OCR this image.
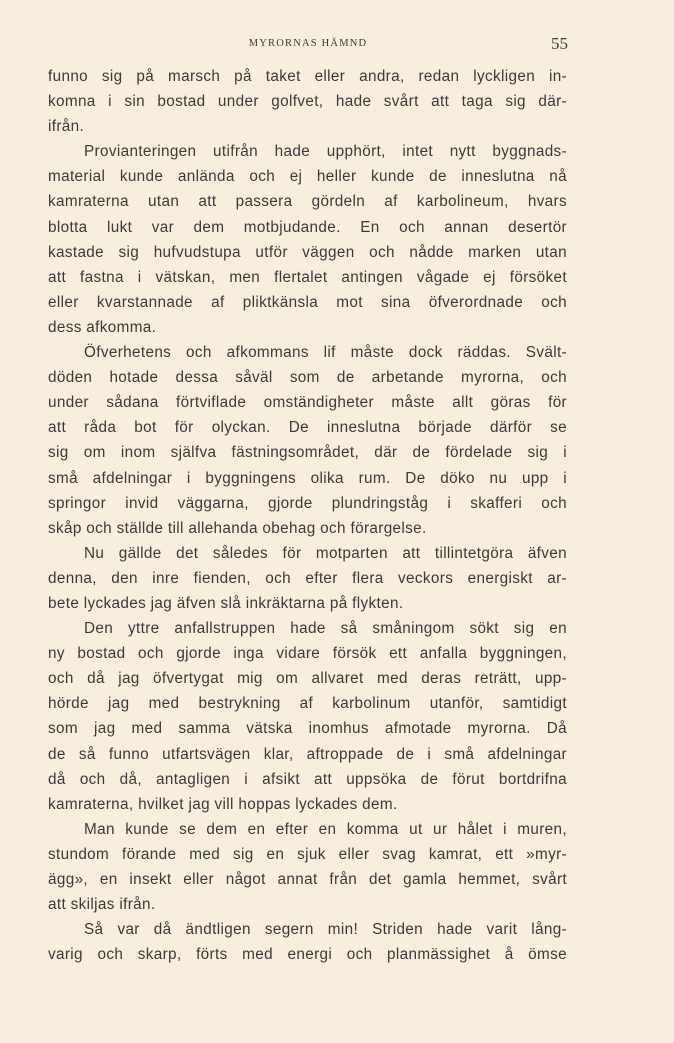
MYRORNAS HÄMND	55
funno sig på marsch på taket eller andra, redan lyckligen in-
komna i sin bostad under golfvet, hade svårt att taga sig där-
ifrån.
Provianteringen utifrån hade upphört, intet nytt byggnads-
material kunde anlända och ej heller kunde de inneslutna nå
kamraterna utan att passera gördeln af karbolineum, hvars
blotta lukt var dem motbjudande. En och annan desertör
kastade sig hufvudstupa utför väggen och nådde marken utan
att fastna i vätskan, men flertalet antingen vågade ej försöket
eller kvarstannade af pliktkänsla mot sina öfverordnade och
dess afkomma.
Öfverhetens och afkommans lif måste dock räddas. Svält-
döden hotade dessa såväl som de arbetande myrorna, och
under sådana förtviflade omständigheter måste allt göras för
att råda bot för olyckan. De inneslutna började därför se
sig om inom själfva fästningsområdet, där de fördelade sig i
små afdelningar i byggningens olika rum. De döko nu upp i
springor invid väggarna, gjorde plundringståg i skafferi och
skåp och ställde till allehanda obehag och förargelse.
Nu gällde det således för motparten att tillintetgöra äfven
denna, den inre fienden, och efter flera veckors energiskt ar-
bete lyckades jag äfven slå inkräktarna på flykten.
Den yttre anfallstruppen hade så småningom sökt sig en
ny bostad och gjorde inga vidare försök ett anfalla byggningen,
och då jag öfvertygat mig om allvaret med deras reträtt, upp-
hörde jag med bestrykning af karbolinum utanför, samtidigt
som jag med samma vätska inomhus afmotade myrorna. Då
de så funno utfartsvägen klar, aftroppade de i små afdelningar
då och då, antagligen i afsikt att uppsöka de förut bortdrifna
kamraterna, hvilket jag vill hoppas lyckades dem.
Man kunde se dem en efter en komma ut ur hålet i muren,
stundom förande med sig en sjuk eller svag kamrat, ett »myr-
ägg», en insekt eller något annat från det gamla hemmet, svårt
att skiljas ifrån.
Så var då ändtligen segern min! Striden hade varit lång-
varig och skarp, förts med energi och planmässighet å ömse
